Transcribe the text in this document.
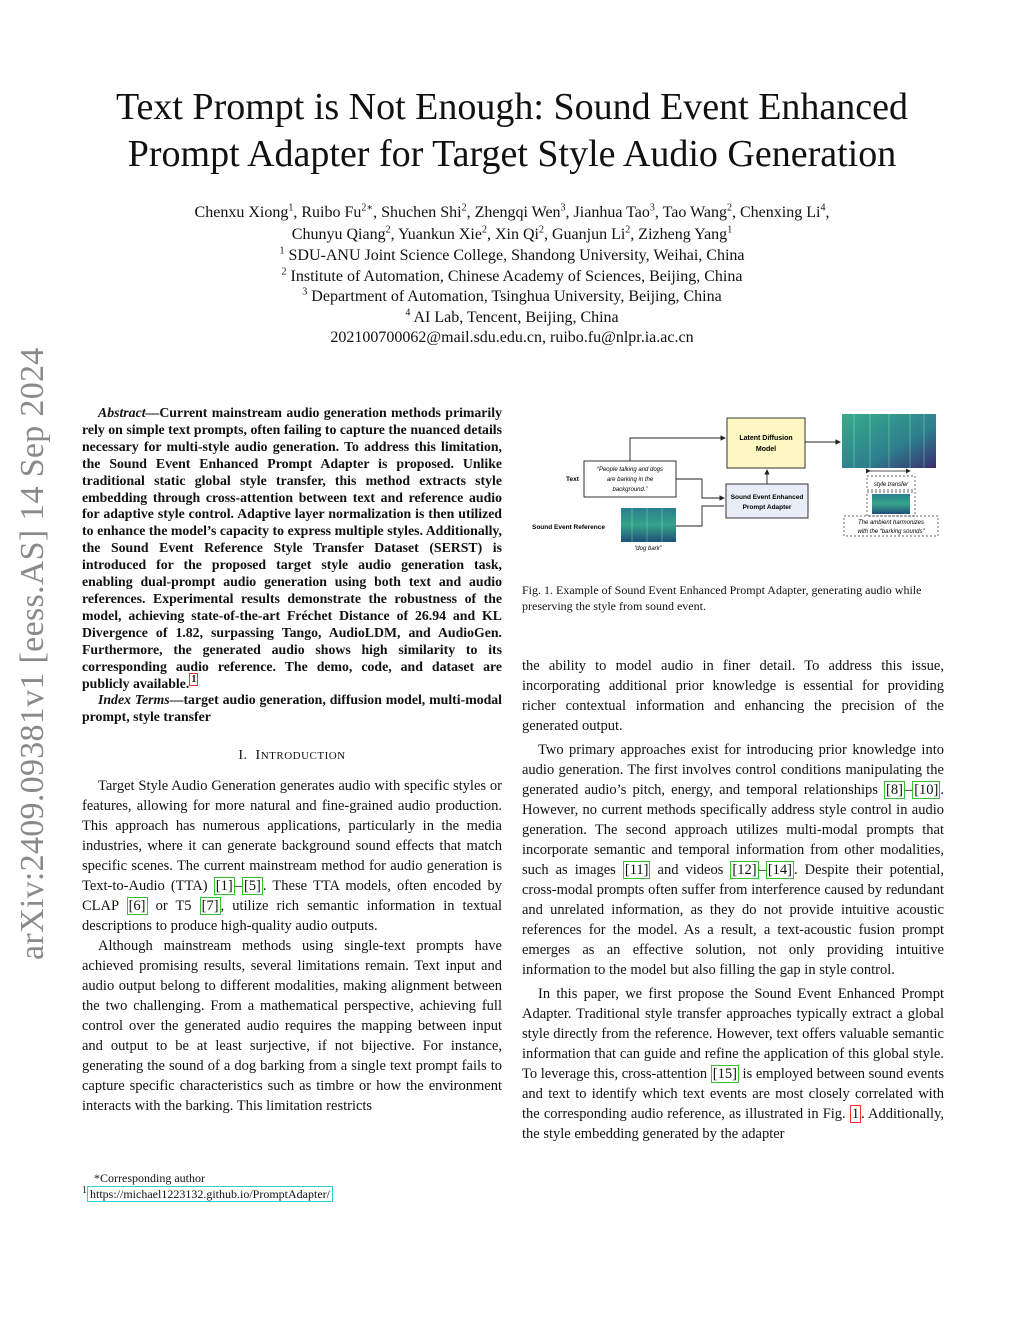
arXiv:2409.09381v1 [eess.AS] 14 Sep 2024
Text Prompt is Not Enough: Sound Event Enhanced Prompt Adapter for Target Style Audio Generation
Chenxu Xiong$^1$, Ruibo $Fu^{2∗}$, Shuchen Shi$^2$, Zhengqi Wen$^3$, Jianhua Tao$^3$, Tao Wang$^2$, Chenxing Li$^4$,
Chunyu Qiang$^2$, Yuankun Xie$^2$, Xin Qi$^2$, Guanjun Li$^2$, Zizheng Yang$^1$
$^1$ SDU-ANU Joint Science College, Shandong University, Weihai, China
$^2$ Institute of Automation, Chinese Academy of Sciences, Beijing, China
$^3$ Department of Automation, Tsinghua University, Beijing, China
$^4$ AI Lab, Tencent, Beijing, China
202100700062@mail.sdu.edu.cn, ruibo.fu@nlpr.ia.ac.cn

Abstract—Current mainstream audio generation methods primarily rely on simple text prompts, often failing to capture the nuanced details necessary for multi-style audio generation. To address this limitation, the Sound Event Enhanced Prompt Adapter is proposed. Unlike traditional static global style transfer, this method extracts style embedding through cross-attention between text and reference audio for adaptive style control. Adaptive layer normalization is then utilized to enhance the model’s capacity to express multiple styles. Additionally, the Sound Event Reference Style Transfer Dataset (SERST) is introduced for the proposed target style audio generation task, enabling dual-prompt audio generation using both text and audio references. Experimental results demonstrate the robustness of the model, achieving state-of-the-art Fréchet Distance of 26.94 and KL Divergence of 1.82, surpassing Tango, AudioLDM, and AudioGen. Furthermore, the generated audio shows high similarity to its corresponding audio reference. The demo, code, and dataset are publicly available. $^1$

Index Terms—target audio generation, diffusion model, multi-modal prompt, style transfer

I. INTRODUCTION

Target Style Audio Generation generates audio with specific styles or features, allowing for more natural and fine-grained audio production. This approach has numerous applications, particularly in the media industries, where it can generate background sound effects that match specific scenes. The current mainstream method for audio generation is Text-to-Audio (TTA) [1] – [5] . These TTA models, often encoded by CLAP [6] or T5 [7] , utilize rich semantic information in textual descriptions to produce high-quality audio outputs.

Although mainstream methods using single-text prompts have achieved promising results, several limitations remain. Text input and audio output belong to different modalities, making alignment between the two challenging. From a mathematical perspective, achieving full control over the generated audio requires the mapping between input and output to be at least surjective, if not bijective. For instance, generating the sound of a dog barking from a single text prompt fails to capture specific characteristics such as timbre or how the environment interacts with the barking. This limitation restricts

*Corresponding author
$^1$ https://michael1223132.github.io/PromptAdapter/
Latent Diffusion
Model
Sound Event Enhanced
Prompt Adapter
Text
“People talking and dogs
are barking in the
background.”
Sound Event Reference
“dog bark”
style transfer
The ambient harmonizes
with the “barking sounds”
Fig. 1. Example of Sound Event Enhanced Prompt Adapter, generating audio while preserving the style from sound event.

the ability to model audio in finer detail. To address this issue, incorporating additional prior knowledge is essential for providing richer contextual information and enhancing the precision of the generated output.

Two primary approaches exist for introducing prior knowledge into audio generation. The first involves control conditions manipulating the generated audio’s pitch, energy, and temporal relationships [8] – [10] . However, no current methods specifically address style control in audio generation. The second approach utilizes multi-modal prompts that incorporate semantic and temporal information from other modalities, such as images [11] and videos [12] – [14] . Despite their potential, cross-modal prompts often suffer from interference caused by redundant and unrelated information, as they do not provide intuitive acoustic references for the model. As a result, a text-acoustic fusion prompt emerges as an effective solution, not only providing intuitive information to the model but also filling the gap in style control.

In this paper, we first propose the Sound Event Enhanced Prompt Adapter. Traditional style transfer approaches typically extract a global style directly from the reference. However, text offers valuable semantic information that can guide and refine the application of this global style. To leverage this, cross-attention [15] is employed between sound events and text to identify which text events are most closely correlated with the corresponding audio reference, as illustrated in Fig. 1 . Additionally, the style embedding generated by the adapter
